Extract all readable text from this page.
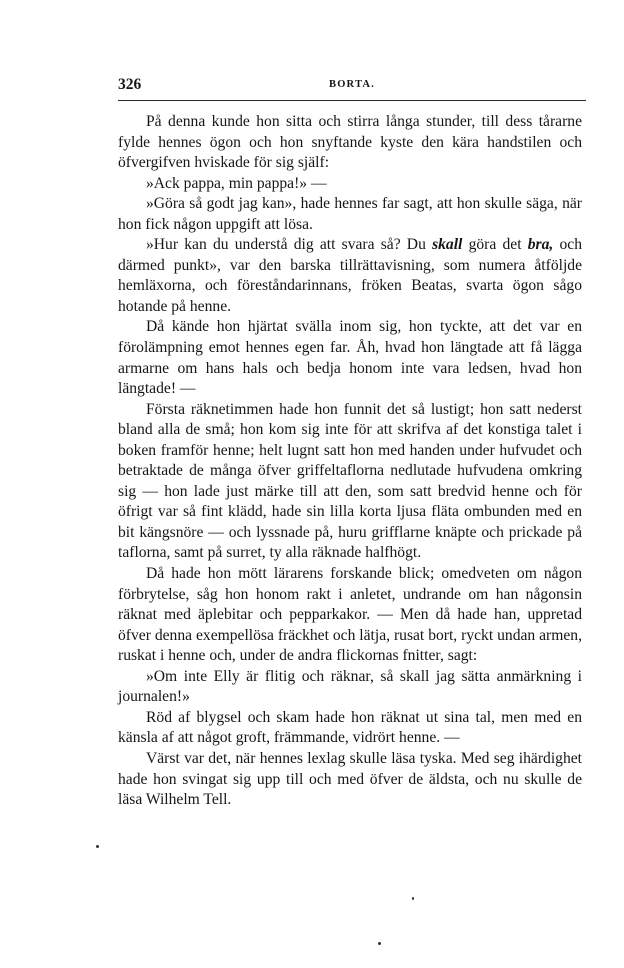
326	BORTA.

På denna kunde hon sitta och stirra långa stunder, till dess tårarne fylde hennes ögon och hon snyftande kyste den kära handstilen och öfvergifven hviskade för sig själf:

»Ack pappa, min pappa!» —

»Göra så godt jag kan», hade hennes far sagt, att hon skulle säga, när hon fick någon uppgift att lösa.

»Hur kan du understå dig att svara så? Du skall göra det bra, och därmed punkt», var den barska tillrättavisning, som numera åtföljde hemläxorna, och föreståndarinnans, fröken Beatas, svarta ögon sågo hotande på henne.

Då kände hon hjärtat svälla inom sig, hon tyckte, att det var en förolämpning emot hennes egen far. Åh, hvad hon längtade att få lägga armarne om hans hals och bedja honom inte vara ledsen, hvad hon längtade! —

Första räknetimmen hade hon funnit det så lustigt; hon satt nederst bland alla de små; hon kom sig inte för att skrifva af det konstiga talet i boken framför henne; helt lugnt satt hon med handen under hufvudet och betraktade de många öfver griffeltaflorna nedlutade hufvudena omkring sig — hon lade just märke till att den, som satt bredvid henne och för öfrigt var så fint klädd, hade sin lilla korta ljusa fläta ombunden med en bit kängsnöre — och lyssnade på, huru grifflarne knäpte och prickade på taflorna, samt på surret, ty alla räknade halfhögt.

Då hade hon mött lärarens forskande blick; omedveten om någon förbrytelse, såg hon honom rakt i anletet, undrande om han någonsin räknat med äplebitar och pepparkakor. — Men då hade han, uppretad öfver denna exempellösa fräckhet och lätja, rusat bort, ryckt undan armen, ruskat i henne och, under de andra flickornas fnitter, sagt:

»Om inte Elly är flitig och räknar, så skall jag sätta anmärkning i journalen!»

Röd af blygsel och skam hade hon räknat ut sina tal, men med en känsla af att något groft, främmande, vidrört henne. —

Värst var det, när hennes lexlag skulle läsa tyska. Med seg ihärdighet hade hon svingat sig upp till och med öfver de äldsta, och nu skulle de läsa Wilhelm Tell.
